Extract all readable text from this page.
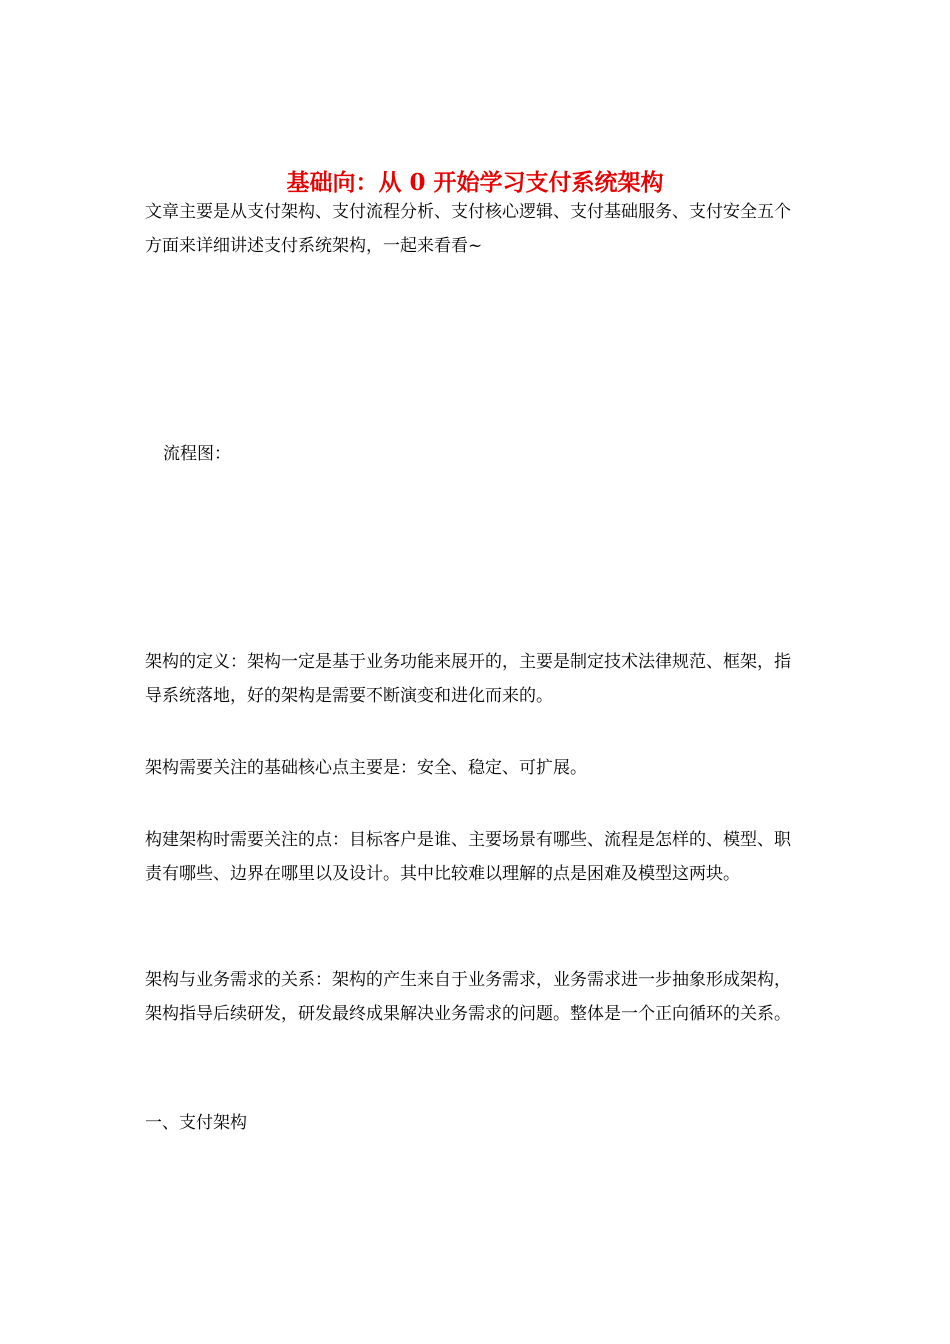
基础向：从 0 开始学习支付系统架构

文章主要是从支付架构、支付流程分析、支付核心逻辑、支付基础服务、支付安全五个方面来详细讲述支付系统架构，一起来看看~

流程图：

架构的定义：架构一定是基于业务功能来展开的，主要是制定技术法律规范、框架，指导系统落地，好的架构是需要不断演变和进化而来的。

架构需要关注的基础核心点主要是：安全、稳定、可扩展。

构建架构时需要关注的点：目标客户是谁、主要场景有哪些、流程是怎样的、模型、职责有哪些、边界在哪里以及设计。其中比较难以理解的点是困难及模型这两块。

架构与业务需求的关系：架构的产生来自于业务需求，业务需求进一步抽象形成架构，架构指导后续研发，研发最终成果解决业务需求的问题。整体是一个正向循环的关系。

一、支付架构
